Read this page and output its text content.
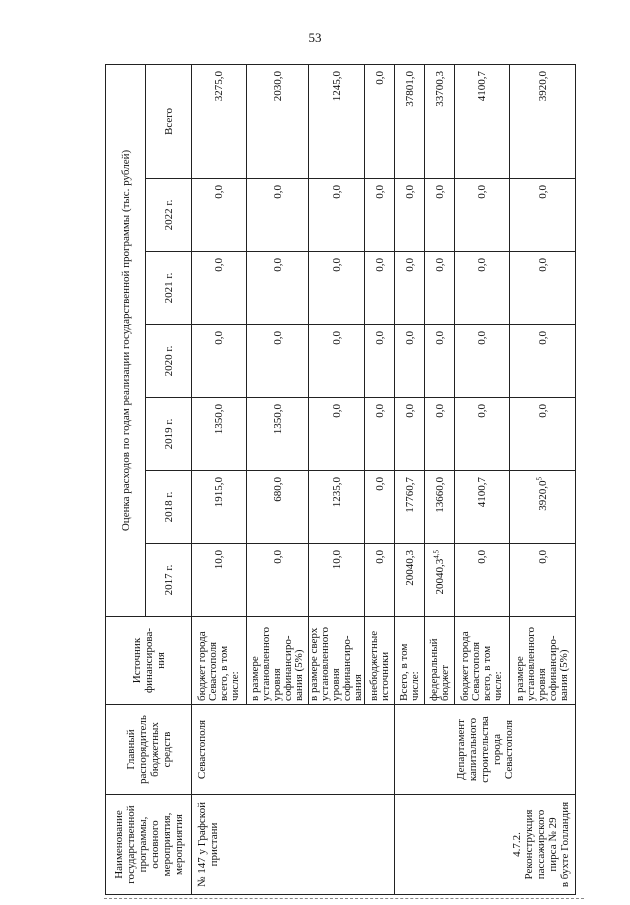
53
Наименование государственной программы, основного мероприятия, мероприятия	Главный распорядитель бюджетных средств	Источник финансирова-ния	Оценка расходов по годам реализации государственной программы (тыс. рублей)						
			2017 г.	2018 г.	2019 г.	2020 г.	2021 г.	2022 г.	Всего
№ 147 у Графской пристани	Севастополя	бюджет города Севастополя всего, в том числе:	10,0	1915,0	1350,0	0,0	0,0	0,0	3275,0
		в размере установленного уровня софинансиро-вания (5%)	0,0	680,0	1350,0	0,0	0,0	0,0	2030,0
		в размере сверх установленного уровня софинансиро-вания	10,0	1235,0	0,0	0,0	0,0	0,0	1245,0
		внебюджетные источники	0,0	0,0	0,0	0,0	0,0	0,0	0,0

4.7.2. Реконструкция пассажирского пирса № 29 в бухте Голландия	Департамент капитального строительства города Севастополя	Всего, в том числе:	20040,3	17760,7	0,0	0,0	0,0	0,0	37801,0
		федеральный бюджет	20040,3$^{4,5}$	13660,0	0,0	0,0	0,0	0,0	33700,3
		бюджет города Севастополя всего, в том числе:	0,0	4100,7	0,0	0,0	0,0	0,0	4100,7
		в размере установленного уровня софинансиро-вания (5%)	0,0	3920,0$^5$	0,0	0,0	0,0	0,0	3920,0
